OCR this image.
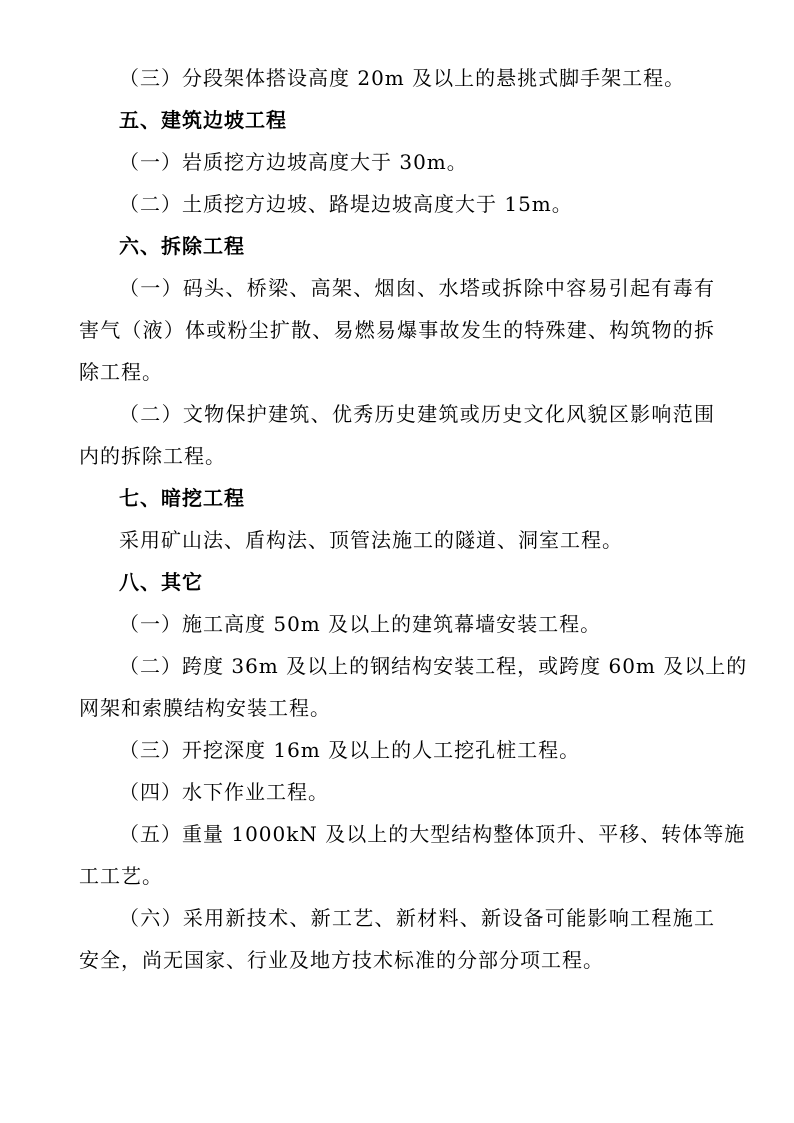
（三）分段架体搭设高度 20m 及以上的悬挑式脚手架工程。
五、建筑边坡工程
（一）岩质挖方边坡高度大于 30m。
（二）土质挖方边坡、路堤边坡高度大于 15m。
六、拆除工程
（一）码头、桥梁、高架、烟囱、水塔或拆除中容易引起有毒有
害气（液）体或粉尘扩散、易燃易爆事故发生的特殊建、构筑物的拆
除工程。
（二）文物保护建筑、优秀历史建筑或历史文化风貌区影响范围
内的拆除工程。
七、暗挖工程
采用矿山法、盾构法、顶管法施工的隧道、洞室工程。
八、其它
（一）施工高度 50m 及以上的建筑幕墙安装工程。
（二）跨度 36m 及以上的钢结构安装工程，或跨度 60m 及以上的
网架和索膜结构安装工程。
（三）开挖深度 16m 及以上的人工挖孔桩工程。
（四）水下作业工程。
（五）重量 1000kN 及以上的大型结构整体顶升、平移、转体等施
工工艺。
（六）采用新技术、新工艺、新材料、新设备可能影响工程施工
安全，尚无国家、行业及地方技术标准的分部分项工程。
